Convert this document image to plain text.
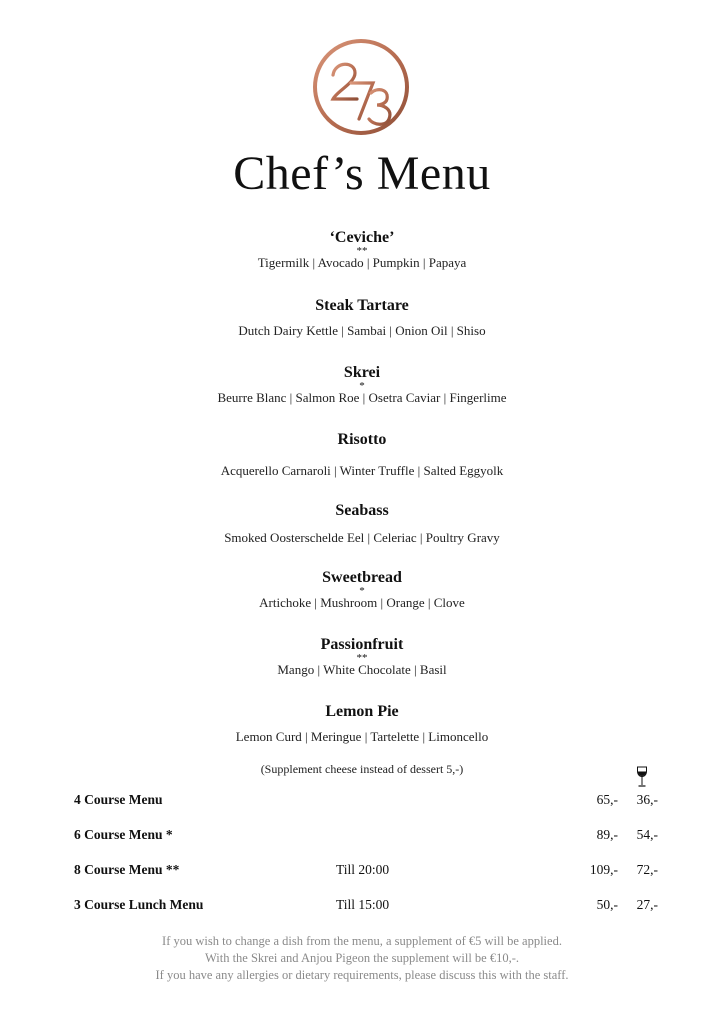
273
Chef’s Menu
‘Ceviche’
**
Tigermilk | Avocado | Pumpkin | Papaya
Steak Tartare
Dutch Dairy Kettle | Sambai | Onion Oil | Shiso
Skrei
*
Beurre Blanc | Salmon Roe | Osetra Caviar | Fingerlime
Risotto
Acquerello Carnaroli | Winter Truffle | Salted Eggyolk
Seabass
Smoked Oosterschelde Eel | Celeriac | Poultry Gravy
Sweetbread
*
Artichoke | Mushroom | Orange | Clove
Passionfruit
**
Mango | White Chocolate | Basil
Lemon Pie
Lemon Curd | Meringue | Tartelette | Limoncello
(Supplement cheese instead of dessert 5,-)
4 Course Menu	65,- 36,-
6 Course Menu *	89,- 54,-
8 Course Menu **	Till 20:00	109,- 72,-
3 Course Lunch Menu	Till 15:00	50,- 27,-
If you wish to change a dish from the menu, a supplement of €5 will be applied.
With the Skrei and Anjou Pigeon the supplement will be €10,-.
If you have any allergies or dietary requirements, please discuss this with the staff.
